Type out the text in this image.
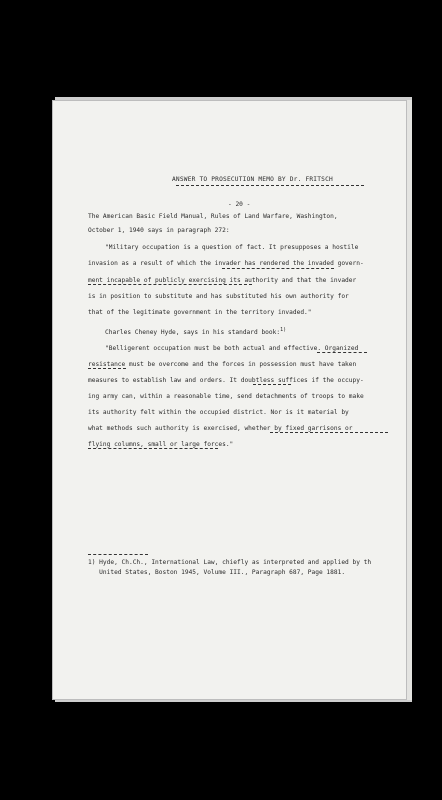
ANSWER TO PROSECUTION MEMO BY Dr. FRITSCH
- 20 -
The American Basic Field Manual, Rules of Land Warfare, Washington,
October 1, 1940 says in paragraph 272:
"Military occupation is a question of fact. It presupposes a hostile
invasion as a result of which the invader has rendered the invaded govern-
ment incapable of publicly exercising its authority and that the invader
is in position to substitute and has substituted his own authority for
that of the legitimate government in the territory invaded."
Charles Cheney Hyde, says in his standard book:$^{1)}$
"Belligerent occupation must be both actual and effective. Organized
resistance must be overcome and the forces in possession must have taken
measures to establish law and orders. It doubtless suffices if the occupy-
ing army can, within a reasonable time, send detachments of troops to make
its authority felt within the occupied district. Nor is it material by
what methods such authority is exercised, whether by fixed garrisons or
flying columns, small or large forces."
1) Hyde, Ch.Ch., International Law, chiefly as interpreted and applied by th
United States, Boston 1945, Volume III., Paragraph 687, Page 1881.
